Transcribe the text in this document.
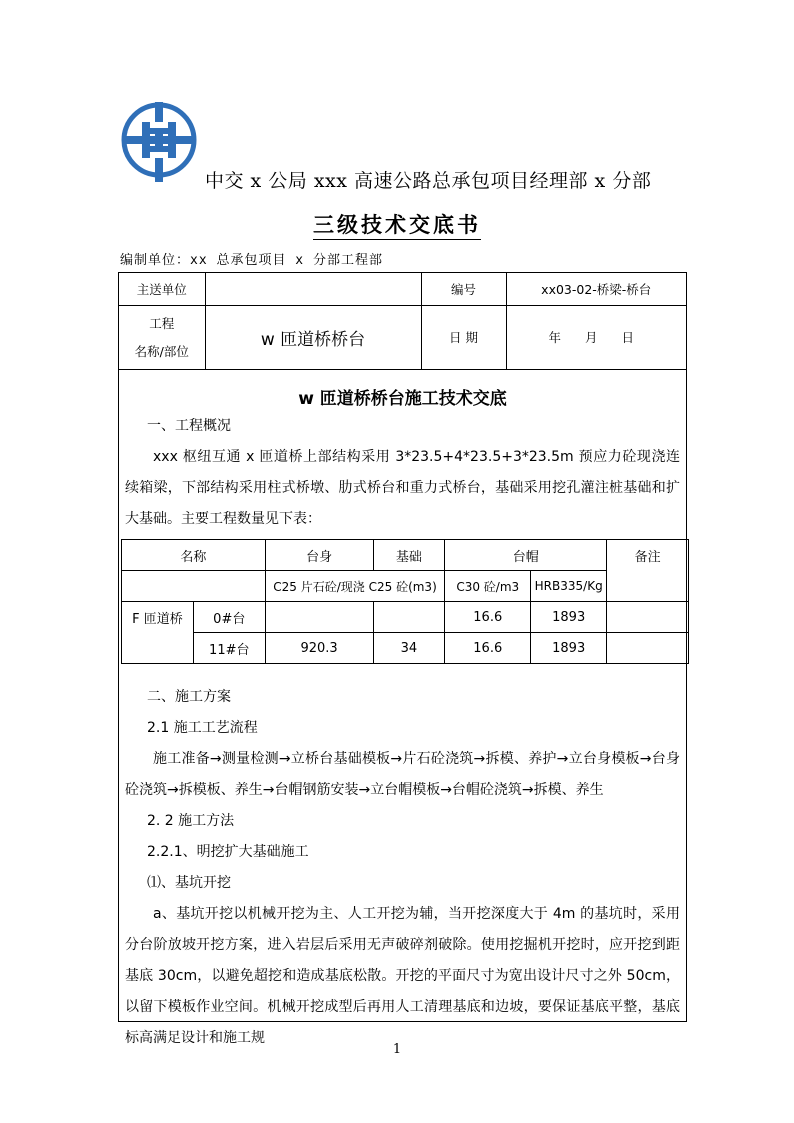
中交 x 公局 xxx 高速公路总承包项目经理部 x 分部
三级技术交底书
编制单位：xx 总承包项目 x 分部工程部
主送单位		编号	xx03-02-桥梁-桥台

工程
名称/部位	w 匝道桥桥台	日 期	年 月 日
w 匝道桥桥台施工技术交底
一、工程概况
xxx 枢纽互通 x 匝道桥上部结构采用 3*23.5+4*23.5+3*23.5m 预应力砼现浇连续箱梁，下部结构采用柱式桥墩、肋式桥台和重力式桥台，基础采用挖孔灌注桩基础和扩大基础。主要工程数量见下表：
名称		台身	基础	台帽		备注
		C25 片石砼/现浇 C25 砼(m3)		C30 砼/m3	HRB335/Kg	
F 匝道桥	0#台			16.6	1893	
	11#台	920.3	34	16.6	1893	
二、施工方案
2.1 施工工艺流程
施工准备→测量检测→立桥台基础模板→片石砼浇筑→拆模、养护→立台身模板→台身砼浇筑→拆模板、养生→台帽钢筋安装→立台帽模板→台帽砼浇筑→拆模、养生
2. 2 施工方法
2.2.1、明挖扩大基础施工
⑴、基坑开挖
a、基坑开挖以机械开挖为主、人工开挖为辅，当开挖深度大于 4m 的基坑时，采用分台阶放坡开挖方案，进入岩层后采用无声破碎剂破除。使用挖掘机开挖时，应开挖到距基底 30cm，以避免超挖和造成基底松散。开挖的平面尺寸为宽出设计尺寸之外 50cm，以留下模板作业空间。机械开挖成型后再用人工清理基底和边坡，要保证基底平整，基底标高满足设计和施工规
1
